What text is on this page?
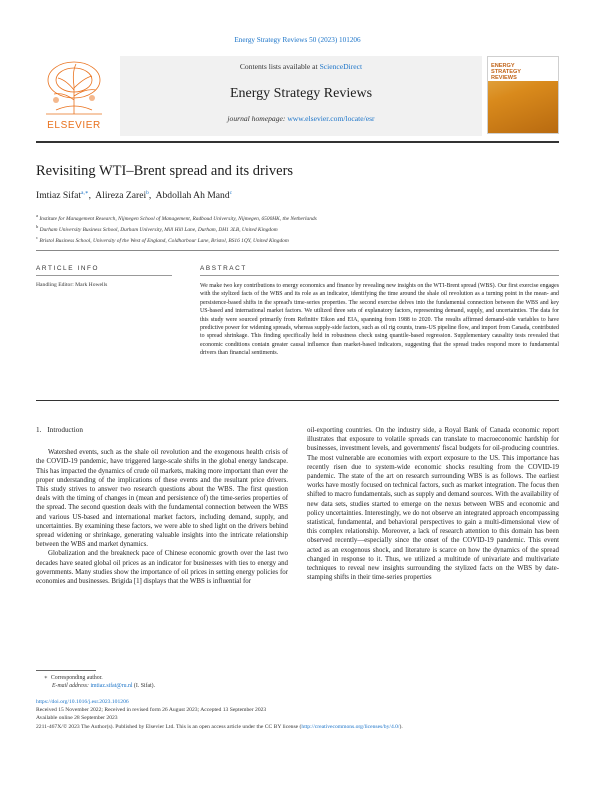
Energy Strategy Reviews 50 (2023) 101206
ELSEVIER
Contents lists available at ScienceDirect
Energy Strategy Reviews
journal homepage: www.elsevier.com/locate/esr
ENERGY
STRATEGY
REVIEWS
Revisiting WTI–Brent spread and its drivers
Imtiaz Sifat$^{a,∗}$,  Alireza Zarei$^b$,  Abdollah Ah Mand$^c$
$^a$ Institute for Management Research, Nijmegen School of Management, Radboud University, Nijmegen, 6500HK, the Netherlands
$^b$ Durham University Business School, Durham University, Mill Hill Lane, Durham, DH1 3LB, United Kingdom
$^c$ Bristol Business School, University of the West of England, Coldharbour Lane, Bristol, BS16 1QY, United Kingdom
ARTICLE INFO	ABSTRACT
Handling Editor: Mark Howells	We make two key contributions to energy economics and finance by revealing new insights on the WTI-Brent spread (WBS). Our first exercise engages with the stylized facts of the WBS and its role as an indicator, identifying the time around the shale oil revolution as a turning point in the mean- and persistence-based shifts in the spread's time-series properties. The second exercise delves into the fundamental connection between the WBS and key US-based and international market factors. We utilized three sets of explanatory factors, representing demand, supply, and uncertainties. The data for this study were sourced primarily from Refinitiv Eikon and EIA, spanning from 1988 to 2020. The results affirmed demand-side variables to have predictive power for widening spreads, whereas supply-side factors, such as oil rig counts, trans-US pipeline flow, and import from Canada, contributed to spread shrinkage. This finding specifically held in robustness check using quantile-based regression. Supplementary causality tests revealed that economic conditions contain greater causal influence than market-based indicators, suggesting that the spread trades respond more to fundamental drivers than financial sentiments.
1. Introduction

Watershed events, such as the shale oil revolution and the exogenous health crisis of the COVID-19 pandemic, have triggered large-scale shifts in the global energy landscape. This has impacted the dynamics of crude oil markets, making more important than ever the proper understanding of the implications of these events and the resultant price drivers. This study strives to answer two research questions about the WBS. The first question deals with the timing of changes in (mean and persistence of) the time-series properties of the spread. The second question deals with the fundamental connection between the WBS and various US-based and international market factors, including demand, supply, and uncertainties. By examining these factors, we were able to shed light on the drivers behind spread widening or shrinkage, generating valuable insights into the intricate relationship between the WBS and market dynamics.

Globalization and the breakneck pace of Chinese economic growth over the last two decades have seated global oil prices as an indicator for businesses with ties to energy and governments. Many studies show the importance of oil prices in setting energy policies for economies and businesses. Brigida [1] displays that the WBS is influential for

oil-exporting countries. On the industry side, a Royal Bank of Canada economic report illustrates that exposure to volatile spreads can translate to macroeconomic hardship for businesses, investment levels, and governments' fiscal budgets for oil-producing countries. The most vulnerable are economies with export exposure to the US. This importance has recently risen due to system-wide economic shocks resulting from the COVID-19 pandemic. The state of the art on research surrounding WBS is as follows. The earliest works have mostly focused on technical factors, such as market integration. The focus then shifted to macro fundamentals, such as supply and demand sources. With the availability of new data sets, studies started to emerge on the nexus between WBS and economic and policy uncertainties. Interestingly, we do not observe an integrated approach encompassing statistical, fundamental, and behavioral perspectives to gain a multi-dimensional view of this complex relationship. Moreover, a lack of research attention to this domain has been observed recently—especially since the onset of the COVID-19 pandemic. This event acted as an exogenous shock, and literature is scarce on how the dynamics of the spread changed in response to it. Thus, we utilized a multitude of univariate and multivariate techniques to reveal new insights surrounding the stylized facts on the WBS by date-stamping shifts in their time-series properties

∗ Corresponding author.
E-mail address: imtiaz.sifat@ru.nl (I. Sifat).
https://doi.org/10.1016/j.esr.2023.101206
Received 15 November 2022; Received in revised form 26 August 2023; Accepted 13 September 2023
Available online 28 September 2023
2211-467X/© 2023 The Author(s). Published by Elsevier Ltd. This is an open access article under the CC BY license (http://creativecommons.org/licenses/by/4.0/).
